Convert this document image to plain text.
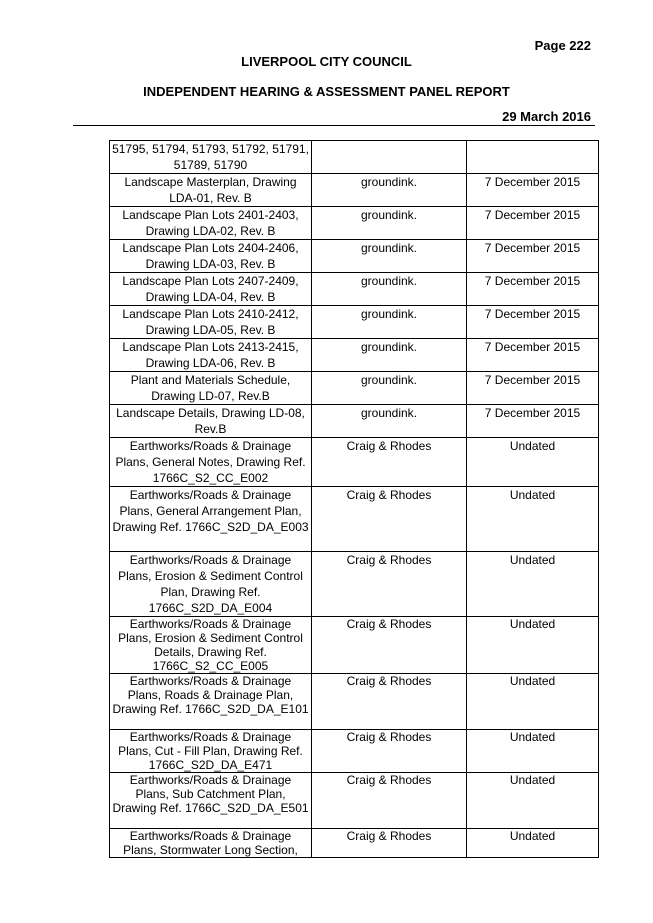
Page 222
LIVERPOOL CITY COUNCIL
INDEPENDENT HEARING & ASSESSMENT PANEL REPORT
29 March 2016
51795, 51794, 51793, 51792, 51791, 51789, 51790		
Landscape Masterplan, Drawing LDA-01, Rev. B	groundink.	7 December 2015
Landscape Plan Lots 2401-2403, Drawing LDA-02, Rev. B	groundink.	7 December 2015
Landscape Plan Lots 2404-2406, Drawing LDA-03, Rev. B	groundink.	7 December 2015
Landscape Plan Lots 2407-2409, Drawing LDA-04, Rev. B	groundink.	7 December 2015
Landscape Plan Lots 2410-2412, Drawing LDA-05, Rev. B	groundink.	7 December 2015
Landscape Plan Lots 2413-2415, Drawing LDA-06, Rev. B	groundink.	7 December 2015
Plant and Materials Schedule, Drawing LD-07, Rev.B	groundink.	7 December 2015
Landscape Details, Drawing LD-08, Rev.B	groundink.	7 December 2015
Earthworks/Roads & Drainage Plans, General Notes, Drawing Ref. 1766C_S2_CC_E002	Craig & Rhodes	Undated
Earthworks/Roads & Drainage Plans, General Arrangement Plan, Drawing Ref. 1766C_S2D_DA_E003	Craig & Rhodes	Undated
Earthworks/Roads & Drainage Plans, Erosion & Sediment Control Plan, Drawing Ref. 1766C_S2D_DA_E004	Craig & Rhodes	Undated
Earthworks/Roads & Drainage Plans, Erosion & Sediment Control Details, Drawing Ref. 1766C_S2_CC_E005	Craig & Rhodes	Undated
Earthworks/Roads & Drainage Plans, Roads & Drainage Plan, Drawing Ref. 1766C_S2D_DA_E101	Craig & Rhodes	Undated
Earthworks/Roads & Drainage Plans, Cut - Fill Plan, Drawing Ref. 1766C_S2D_DA_E471	Craig & Rhodes	Undated
Earthworks/Roads & Drainage Plans, Sub Catchment Plan, Drawing Ref. 1766C_S2D_DA_E501	Craig & Rhodes	Undated
Earthworks/Roads & Drainage Plans, Stormwater Long Section,	Craig & Rhodes	Undated
